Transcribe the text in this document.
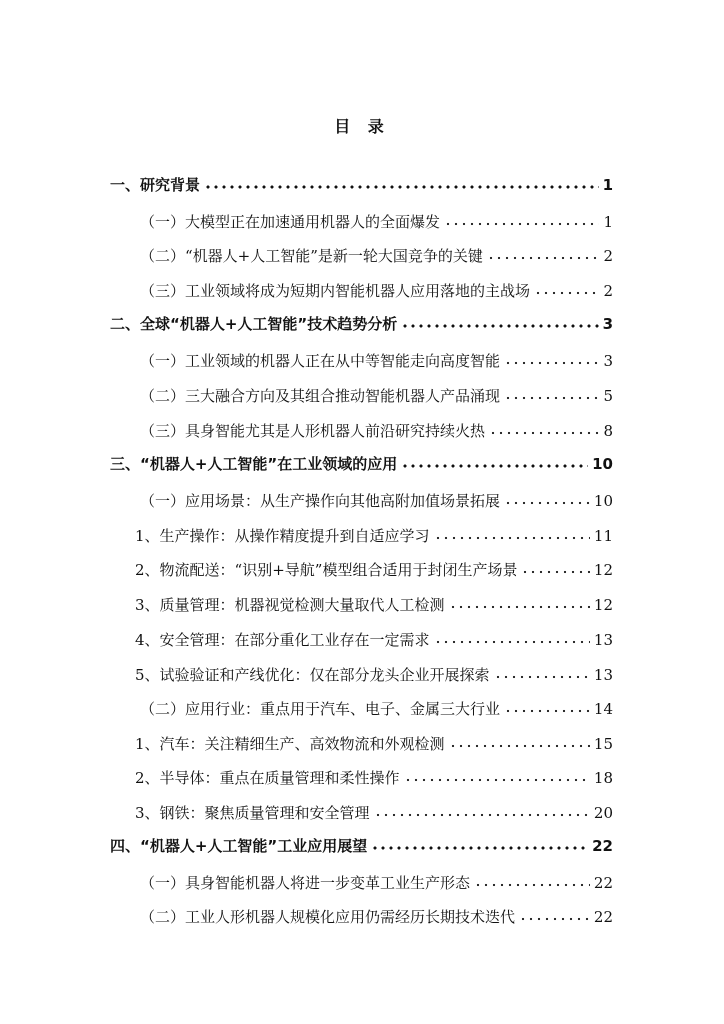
目 录
一、研究背景	1
（一）大模型正在加速通用机器人的全面爆发	1
（二）“机器人+人工智能”是新一轮大国竞争的关键	2
（三）工业领域将成为短期内智能机器人应用落地的主战场	2
二、全球“机器人+人工智能”技术趋势分析	3
（一）工业领域的机器人正在从中等智能走向高度智能	3
（二）三大融合方向及其组合推动智能机器人产品涌现	5
（三）具身智能尤其是人形机器人前沿研究持续火热	8
三、“机器人+人工智能”在工业领域的应用	10
（一）应用场景：从生产操作向其他高附加值场景拓展	10
1、生产操作：从操作精度提升到自适应学习	11
2、物流配送：“识别+导航”模型组合适用于封闭生产场景	12
3、质量管理：机器视觉检测大量取代人工检测	12
4、安全管理：在部分重化工业存在一定需求	13
5、试验验证和产线优化：仅在部分龙头企业开展探索	13
（二）应用行业：重点用于汽车、电子、金属三大行业	14
1、汽车：关注精细生产、高效物流和外观检测	15
2、半导体：重点在质量管理和柔性操作	18
3、钢铁：聚焦质量管理和安全管理	20
四、“机器人+人工智能”工业应用展望	22
（一）具身智能机器人将进一步变革工业生产形态	22
（二）工业人形机器人规模化应用仍需经历长期技术迭代	22
